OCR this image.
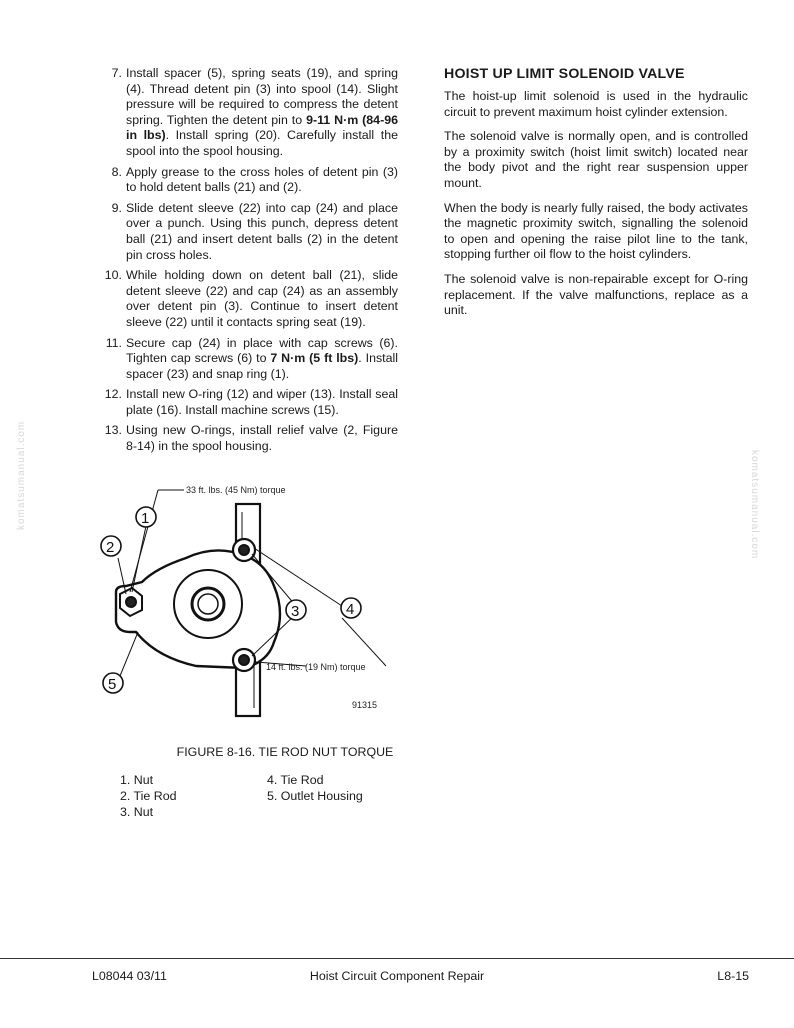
7. Install spacer (5), spring seats (19), and spring (4). Thread detent pin (3) into spool (14). Slight pressure will be required to compress the detent spring. Tighten the detent pin to 9-11 N·m (84-96 in lbs). Install spring (20). Carefully install the spool into the spool housing.
8. Apply grease to the cross holes of detent pin (3) to hold detent balls (21) and (2).
9. Slide detent sleeve (22) into cap (24) and place over a punch. Using this punch, depress detent ball (21) and insert detent balls (2) in the detent pin cross holes.
10. While holding down on detent ball (21), slide detent sleeve (22) and cap (24) as an assembly over detent pin (3). Continue to insert detent sleeve (22) until it contacts spring seat (19).
11. Secure cap (24) in place with cap screws (6). Tighten cap screws (6) to 7 N·m (5 ft lbs). Install spacer (23) and snap ring (1).
12. Install new O-ring (12) and wiper (13). Install seal plate (16). Install machine screws (15).
13. Using new O-rings, install relief valve (2, Figure 8-14) in the spool housing.
HOIST UP LIMIT SOLENOID VALVE

The hoist-up limit solenoid is used in the hydraulic circuit to prevent maximum hoist cylinder extension.

The solenoid valve is normally open, and is controlled by a proximity switch (hoist limit switch) located near the body pivot and the right rear suspension upper mount.

When the body is nearly fully raised, the body activates the magnetic proximity switch, signalling the solenoid to open and opening the raise pilot line to the tank, stopping further oil flow to the hoist cylinders.

The solenoid valve is non-repairable except for O-ring replacement. If the valve malfunctions, replace as a unit.

1
2
3	4
5
33 ft. lbs. (45 Nm) torque
14 ft. lbs. (19 Nm) torque
91315
FIGURE 8-16. TIE ROD NUT TORQUE
1. Nut	4. Tie Rod
2. Tie Rod	5. Outlet Housing
3. Nut
komatsumanual.com	komatsumanual.com
L08044 03/11	Hoist Circuit Component Repair	L8-15
